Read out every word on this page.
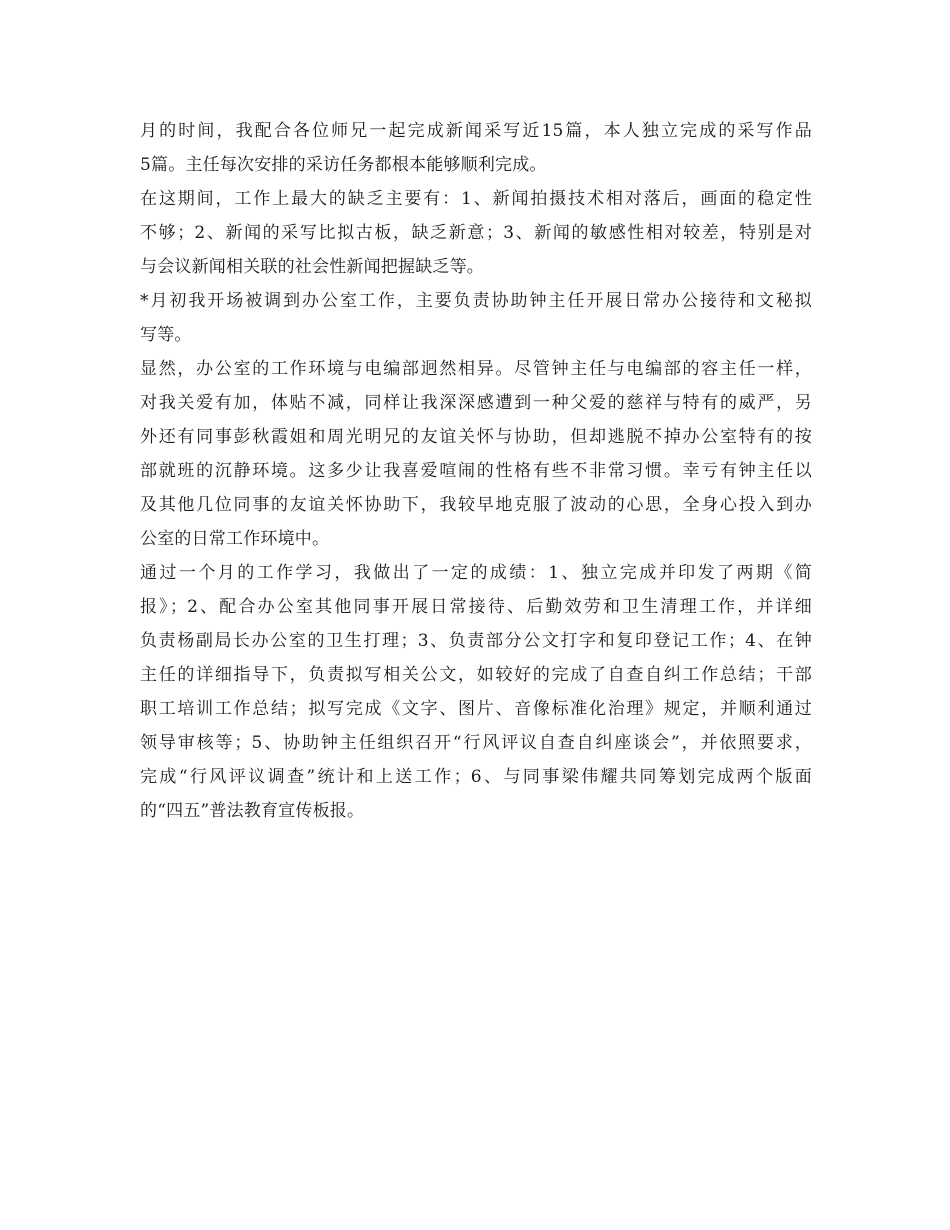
月的时间，我配合各位师兄一起完成新闻采写近15篇，本人独立完成的采写作品
5篇。主任每次安排的采访任务都根本能够顺利完成。
在这期间，工作上最大的缺乏主要有：1、新闻拍摄技术相对落后，画面的稳定性
不够；2、新闻的采写比拟古板，缺乏新意；3、新闻的敏感性相对较差，特别是对
与会议新闻相关联的社会性新闻把握缺乏等。
*月初我开场被调到办公室工作，主要负责协助钟主任开展日常办公接待和文秘拟
写等。
显然，办公室的工作环境与电编部迥然相异。尽管钟主任与电编部的容主任一样，
对我关爱有加，体贴不减，同样让我深深感遭到一种父爱的慈祥与特有的威严，另
外还有同事彭秋霞姐和周光明兄的友谊关怀与协助，但却逃脱不掉办公室特有的按
部就班的沉静环境。这多少让我喜爱喧闹的性格有些不非常习惯。幸亏有钟主任以
及其他几位同事的友谊关怀协助下，我较早地克服了波动的心思，全身心投入到办
公室的日常工作环境中。
通过一个月的工作学习，我做出了一定的成绩：1、独立完成并印发了两期《简
报》；2、配合办公室其他同事开展日常接待、后勤效劳和卫生清理工作，并详细
负责杨副局长办公室的卫生打理；3、负责部分公文打字和复印登记工作；4、在钟
主任的详细指导下，负责拟写相关公文，如较好的完成了自查自纠工作总结；干部
职工培训工作总结；拟写完成《文字、图片、音像标准化治理》规定，并顺利通过
领导审核等；5、协助钟主任组织召开“行风评议自查自纠座谈会”，并依照要求，
完成“行风评议调查”统计和上送工作；6、与同事梁伟耀共同筹划完成两个版面
的“四五”普法教育宣传板报。
